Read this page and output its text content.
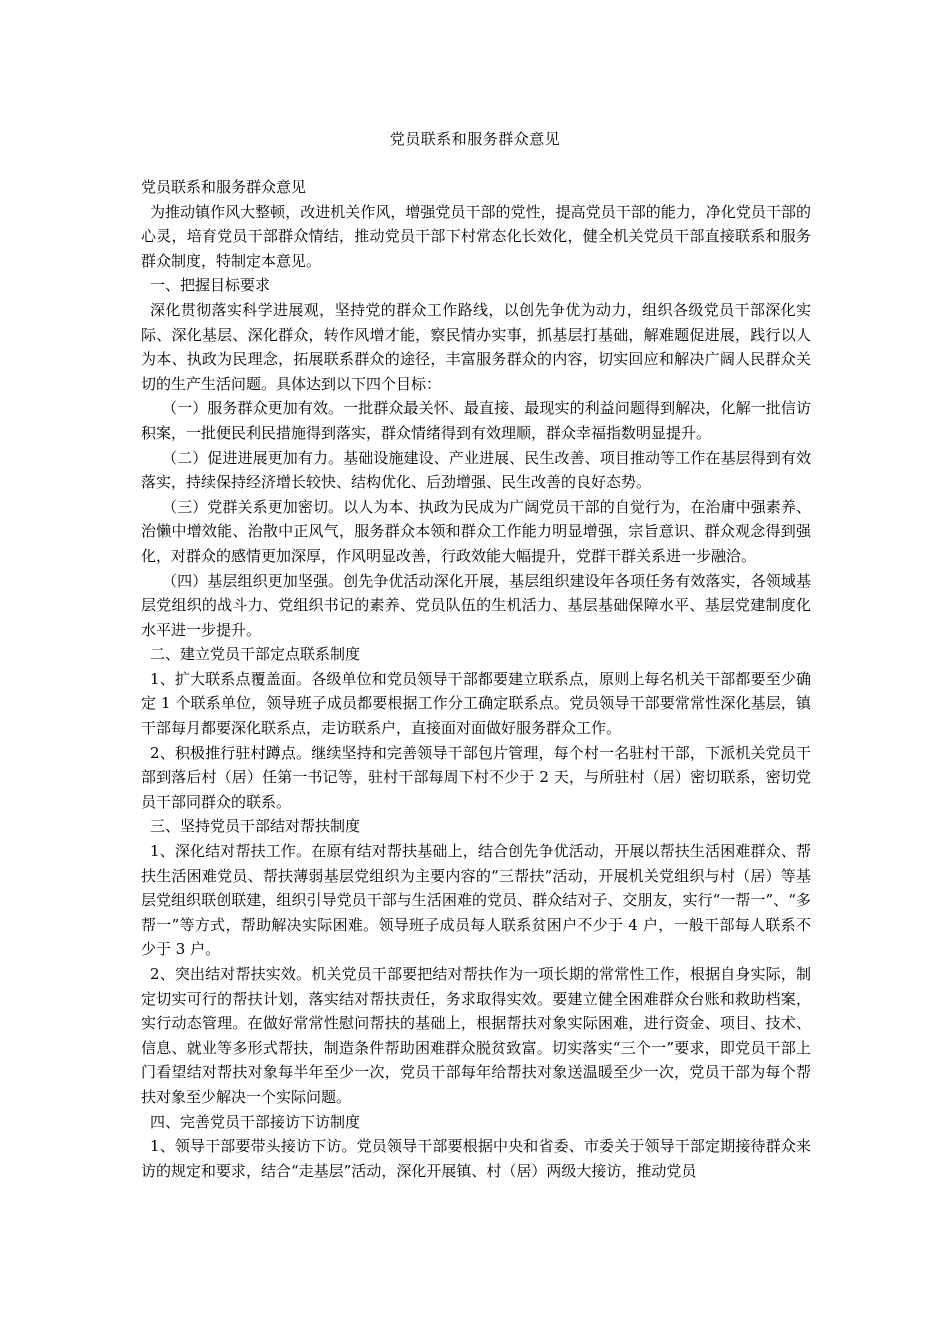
党员联系和服务群众意见

党员联系和服务群众意见

为推动镇作风大整顿，改进机关作风，增强党员干部的党性，提高党员干部的能力，净化党员干部的心灵，培育党员干部群众情结，推动党员干部下村常态化长效化，健全机关党员干部直接联系和服务群众制度，特制定本意见。

一、把握目标要求

深化贯彻落实科学进展观，坚持党的群众工作路线，以创先争优为动力，组织各级党员干部深化实际、深化基层、深化群众，转作风增才能，察民情办实事，抓基层打基础，解难题促进展，践行以人为本、执政为民理念，拓展联系群众的途径，丰富服务群众的内容，切实回应和解决广阔人民群众关切的生产生活问题。具体达到以下四个目标：

（一）服务群众更加有效。一批群众最关怀、最直接、最现实的利益问题得到解决，化解一批信访积案，一批便民利民措施得到落实，群众情绪得到有效理顺，群众幸福指数明显提升。

（二）促进进展更加有力。基础设施建设、产业进展、民生改善、项目推动等工作在基层得到有效落实，持续保持经济增长较快、结构优化、后劲增强、民生改善的良好态势。

（三）党群关系更加密切。以人为本、执政为民成为广阔党员干部的自觉行为，在治庸中强素养、治懒中增效能、治散中正风气，服务群众本领和群众工作能力明显增强，宗旨意识、群众观念得到强化，对群众的感情更加深厚，作风明显改善，行政效能大幅提升，党群干群关系进一步融洽。

（四）基层组织更加坚强。创先争优活动深化开展，基层组织建设年各项任务有效落实，各领域基层党组织的战斗力、党组织书记的素养、党员队伍的生机活力、基层基础保障水平、基层党建制度化水平进一步提升。

二、建立党员干部定点联系制度

1、扩大联系点覆盖面。各级单位和党员领导干部都要建立联系点，原则上每名机关干部都要至少确定 1 个联系单位，领导班子成员都要根据工作分工确定联系点。党员领导干部要常常性深化基层，镇干部每月都要深化联系点，走访联系户，直接面对面做好服务群众工作。

2、积极推行驻村蹲点。继续坚持和完善领导干部包片管理，每个村一名驻村干部，下派机关党员干部到落后村（居）任第一书记等，驻村干部每周下村不少于 2 天，与所驻村（居）密切联系，密切党员干部同群众的联系。

三、坚持党员干部结对帮扶制度

1、深化结对帮扶工作。在原有结对帮扶基础上，结合创先争优活动，开展以帮扶生活困难群众、帮扶生活困难党员、帮扶薄弱基层党组织为主要内容的“三帮扶”活动，开展机关党组织与村（居）等基层党组织联创联建，组织引导党员干部与生活困难的党员、群众结对子、交朋友，实行“一帮一”、“多帮一”等方式，帮助解决实际困难。领导班子成员每人联系贫困户不少于 4 户，一般干部每人联系不少于 3 户。

2、突出结对帮扶实效。机关党员干部要把结对帮扶作为一项长期的常常性工作，根据自身实际，制定切实可行的帮扶计划，落实结对帮扶责任，务求取得实效。要建立健全困难群众台账和救助档案，实行动态管理。在做好常常性慰问帮扶的基础上，根据帮扶对象实际困难，进行资金、项目、技术、信息、就业等多形式帮扶，制造条件帮助困难群众脱贫致富。切实落实“三个一”要求，即党员干部上门看望结对帮扶对象每半年至少一次，党员干部每年给帮扶对象送温暖至少一次，党员干部为每个帮扶对象至少解决一个实际问题。

四、完善党员干部接访下访制度

1、领导干部要带头接访下访。党员领导干部要根据中央和省委、市委关于领导干部定期接待群众来访的规定和要求，结合“走基层”活动，深化开展镇、村（居）两级大接访，推动党员
